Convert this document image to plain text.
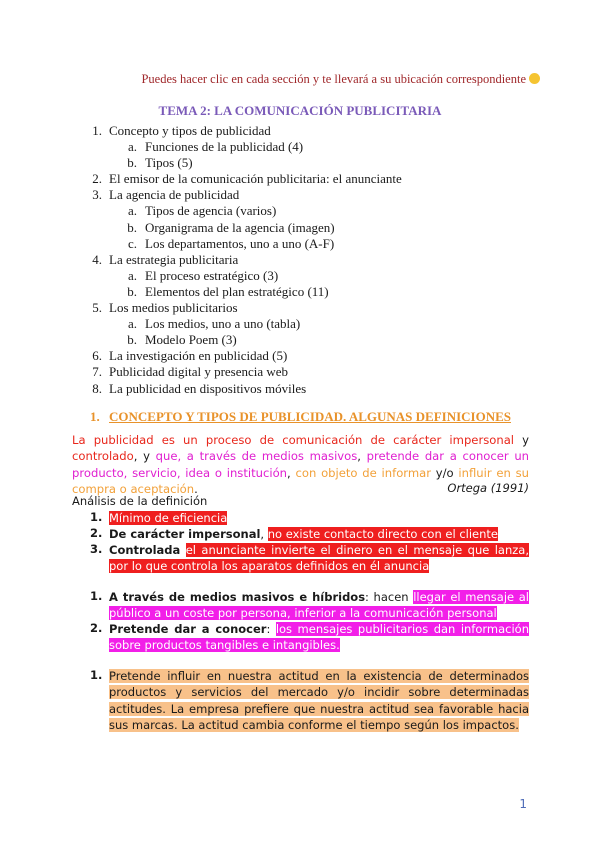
Puedes hacer clic en cada sección y te llevará a su ubicación correspondiente
TEMA 2: LA COMUNICACIÓN PUBLICITARIA
1. Concepto y tipos de publicidad
a. Funciones de la publicidad (4)
b. Tipos (5)
2. El emisor de la comunicación publicitaria: el anunciante
3. La agencia de publicidad
a. Tipos de agencia (varios)
b. Organigrama de la agencia (imagen)
c. Los departamentos, uno a uno (A-F)
4. La estrategia publicitaria
a. El proceso estratégico (3)
b. Elementos del plan estratégico (11)
5. Los medios publicitarios
a. Los medios, uno a uno (tabla)
b. Modelo Poem (3)
6. La investigación en publicidad (5)
7. Publicidad digital y presencia web
8. La publicidad en dispositivos móviles
1. CONCEPTO Y TIPOS DE PUBLICIDAD. ALGUNAS DEFINICIONES
La publicidad es un proceso de comunicación de carácter impersonal y controlado, y que, a través de medios masivos, pretende dar a conocer un producto, servicio, idea o institución, con objeto de informar y/o influir en su compra o aceptación.	Ortega (1991)
Análisis de la definición
1. Mínimo de eficiencia
2. De carácter impersonal, no existe contacto directo con el cliente
3. Controlada el anunciante invierte el dinero en el mensaje que lanza, por lo que controla los aparatos definidos en él anuncia
1. A través de medios masivos e híbridos: hacen llegar el mensaje al público a un coste por persona, inferior a la comunicación personal
2. Pretende dar a conocer: los mensajes publicitarios dan información sobre productos tangibles e intangibles.
1. Pretende influir en nuestra actitud en la existencia de determinados productos y servicios del mercado y/o incidir sobre determinadas actitudes. La empresa prefiere que nuestra actitud sea favorable hacia sus marcas. La actitud cambia conforme el tiempo según los impactos.
1
